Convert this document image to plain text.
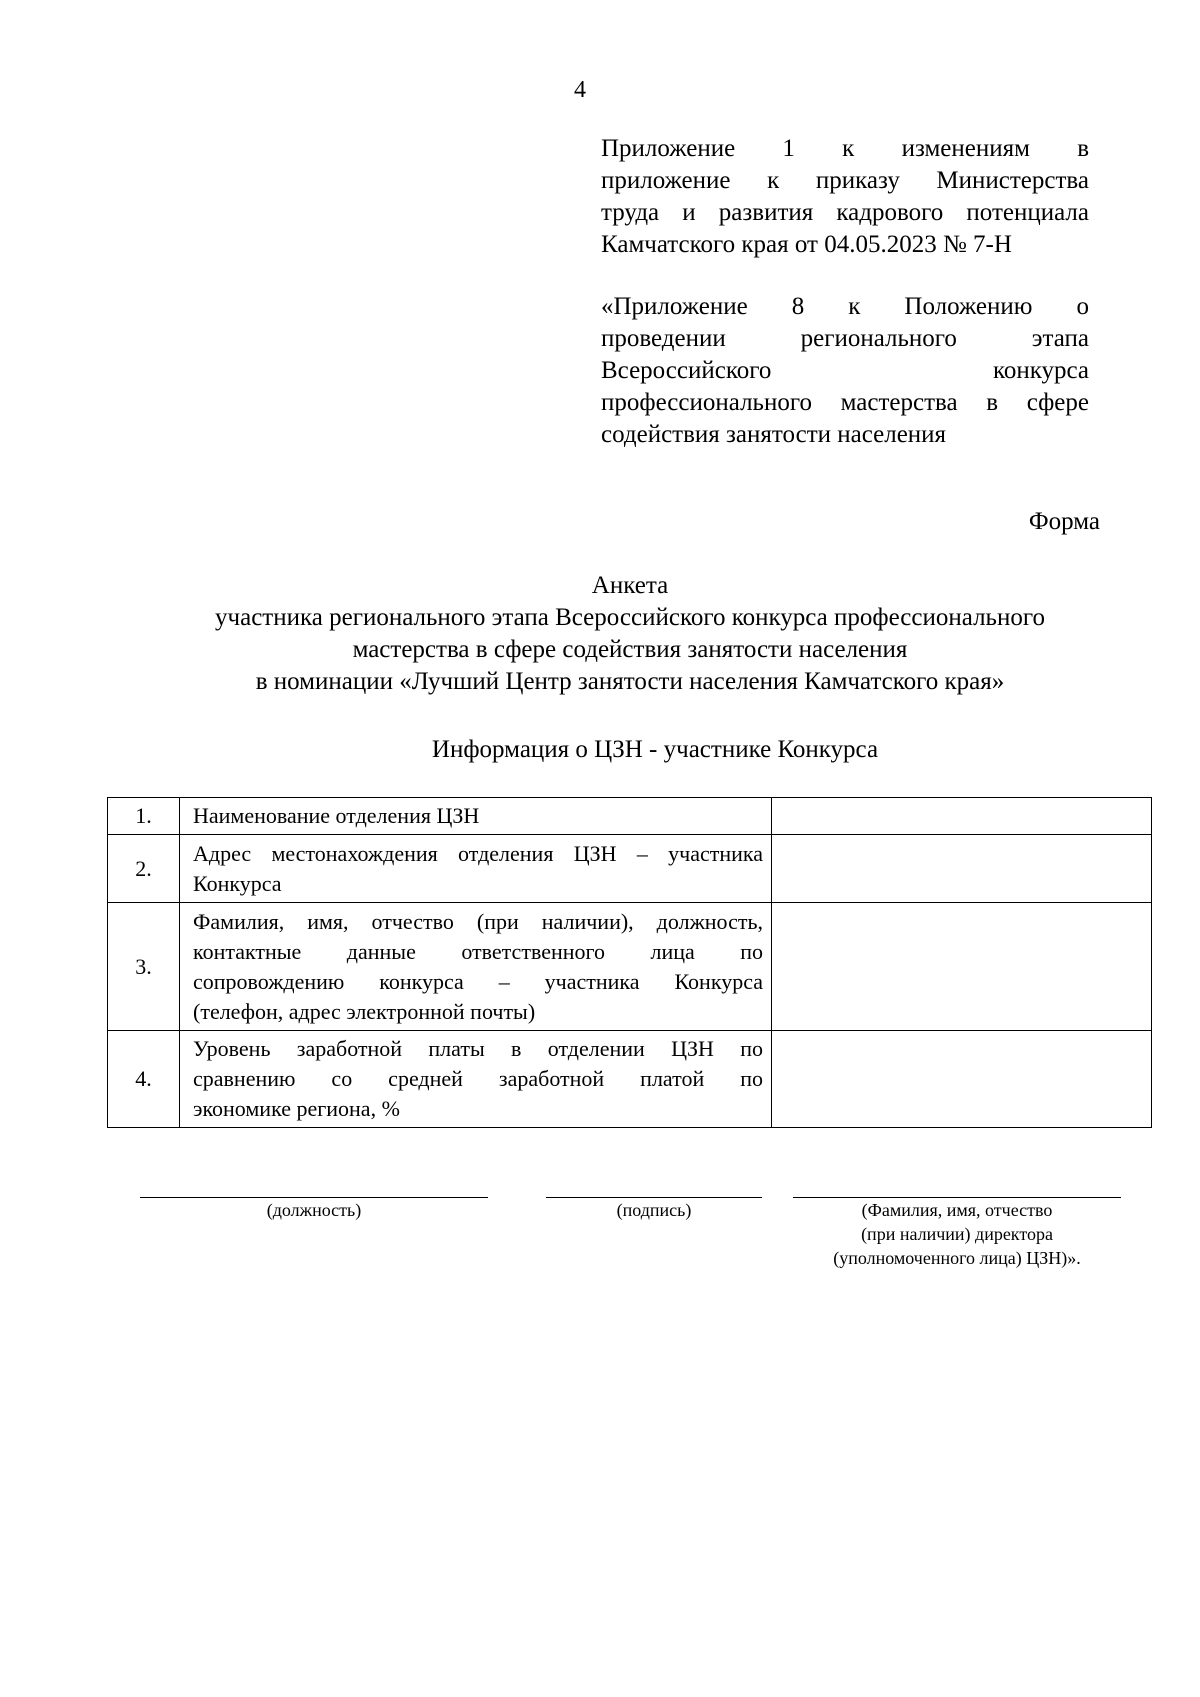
4
Приложение 1 к изменениям в
приложение к приказу Министерства
труда и развития кадрового потенциала
Камчатского края от 04.05.2023 № 7-Н
«Приложение 8 к Положению о
проведении регионального этапа
Всероссийского конкурса
профессионального мастерства в сфере
содействия занятости населения
Форма
Анкета
участника регионального этапа Всероссийского конкурса профессионального
мастерства в сфере содействия занятости населения
в номинации «Лучший Центр занятости населения Камчатского края»
Информация о ЦЗН - участнике Конкурса
1.	Наименование отделения ЦЗН	

2.	Адрес местонахождения отделения ЦЗН – участника
Конкурса	

3.	Фамилия, имя, отчество (при наличии), должность,
контактные данные ответственного лица по
сопровождению конкурса – участника Конкурса
(телефон, адрес электронной почты)	

4.	Уровень заработной платы в отделении ЦЗН по
сравнению со средней заработной платой по
экономике региона, %	

(должность)	(подпись)	(Фамилия, имя, отчество
(при наличии) директора
(уполномоченного лица) ЦЗН)».
